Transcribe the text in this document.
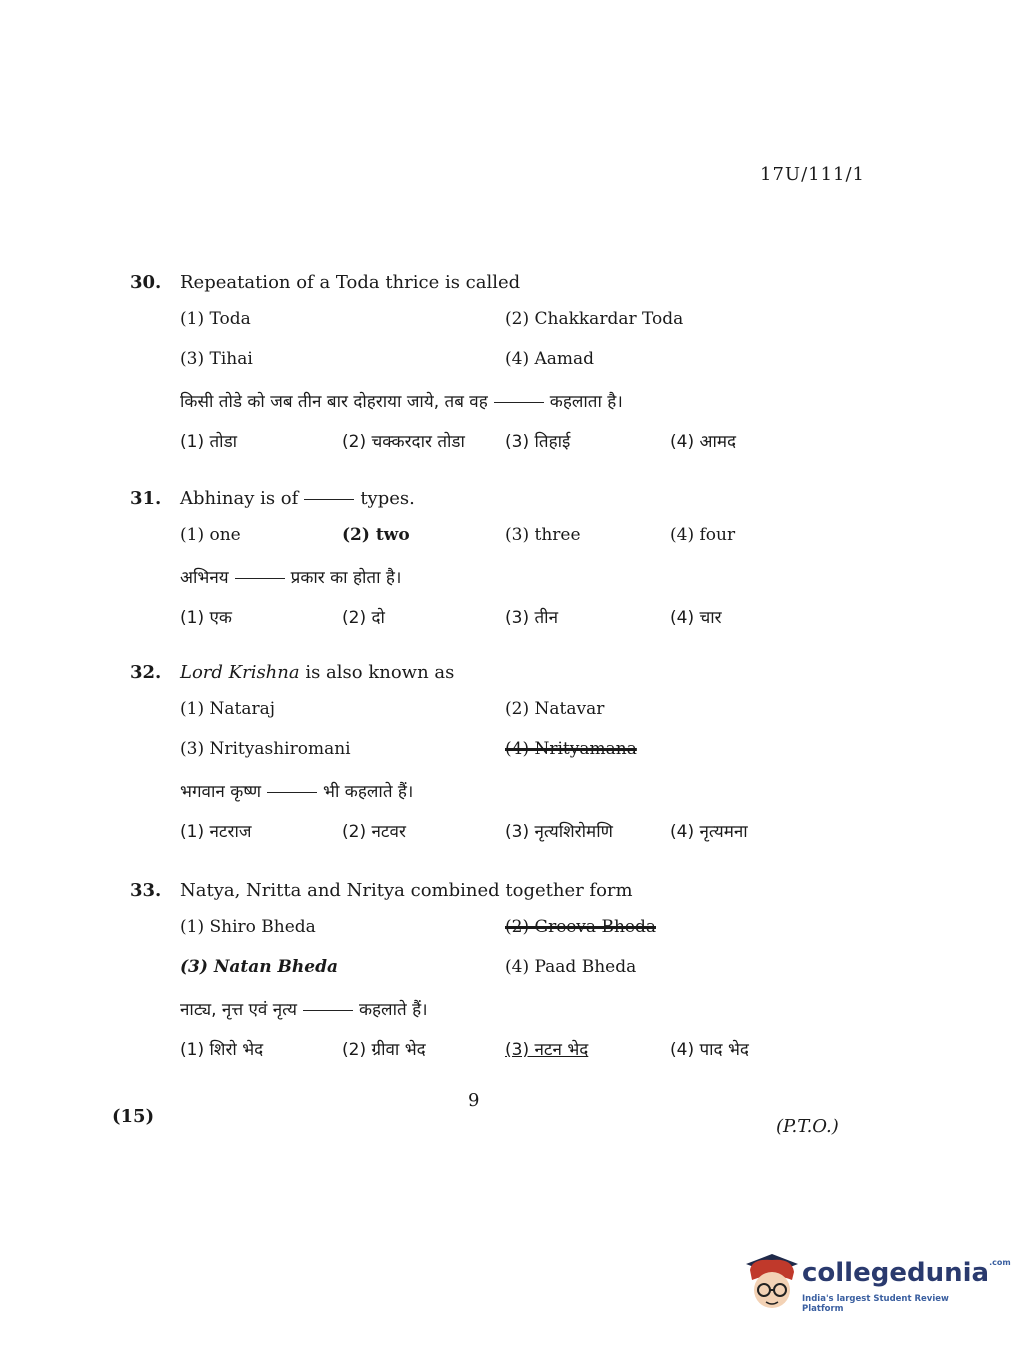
17U/111/1
30.	Repeatation of a Toda thrice is called
(1) Toda	(2) Chakkardar Toda
(3) Tihai	(4) Aamad
किसी तोडे को जब तीन बार दोहराया जाये, तब वह	कहलाता है।
(1) तोडा	(2) चक्करदार तोडा (3) तिहाई	(4) आमद
31.	Abhinay is of	types.
(1) one	(2) two	(3) three	(4) four
अभिनय	प्रकार का होता है।
(1) एक	(2) दो	(3) तीन	(4) चार
32.	Lord Krishna is also known as
(1) Nataraj	(2) Natavar
(3) Nrityashiromani	(4) Nrityamana
भगवान कृष्ण	भी कहलाते हैं।
(1) नटराज	(2) नटवर	(3) नृत्यशिरोमणि	(4) नृत्यमना
33.	Natya, Nritta and Nritya combined together form
(1) Shiro Bheda	(2) Greeva Bheda
(3) Natan Bheda	(4) Paad Bheda
नाट्य, नृत्त एवं नृत्य	कहलाते हैं।
(1) शिरो भेद	(2) ग्रीवा भेद	(3) नटन भेद	(4) पाद भेद
9
(15)	(P.T.O.)
collegedunia$^{.com}$
India's largest Student Review Platform
